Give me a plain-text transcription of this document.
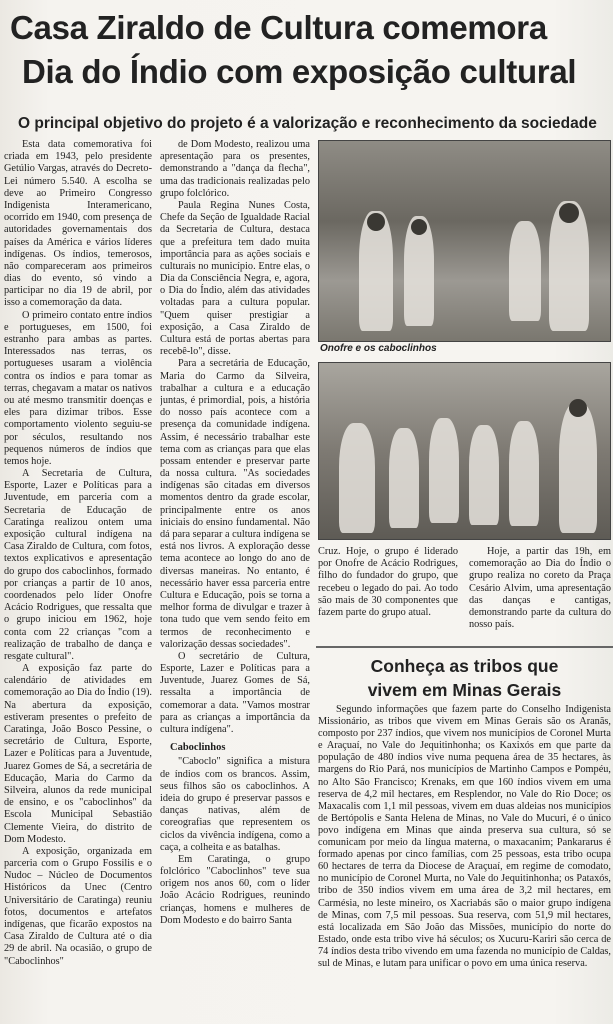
Casa Ziraldo de Cultura comemora
Dia do Índio com exposição cultural
O principal objetivo do projeto é a valorização e reconhecimento da sociedade

Esta data comemorativa foi criada em 1943, pelo presidente Getúlio Vargas, através do Decreto-Lei número 5.540. A escolha se deve ao Primeiro Congresso Indigenista Interamericano, ocorrido em 1940, com presença de autoridades governamentais dos países da América e vários líderes indígenas. Os índios, temerosos, não compareceram aos primeiros dias do evento, só vindo a participar no dia 19 de abril, por isso a comemoração da data.

O primeiro contato entre índios e portugueses, em 1500, foi estranho para ambas as partes. Interessados nas terras, os portugueses usaram a violência contra os índios e para tomar as terras, chegavam a matar os nativos ou até mesmo transmitir doenças e eles para dizimar tribos. Esse comportamento violento seguiu-se por séculos, resultando nos pequenos números de índios que temos hoje.

A Secretaria de Cultura, Esporte, Lazer e Políticas para a Juventude, em parceria com a Secretaria de Educação de Caratinga realizou ontem uma exposição cultural indígena na Casa Ziraldo de Cultura, com fotos, textos explicativos e apresentação do grupo dos caboclinhos, formado por crianças a partir de 10 anos, coordenados pelo líder Onofre Acácio Rodrigues, que ressalta que o grupo iniciou em 1962, hoje conta com 22 crianças "com a realização de trabalho de dança e resgate cultural".

A exposição faz parte do calendário de atividades em comemoração ao Dia do Índio (19). Na abertura da exposição, estiveram presentes o prefeito de Caratinga, João Bosco Pessine, o secretário de Cultura, Esporte, Lazer e Políticas para a Juventude, Juarez Gomes de Sá, a secretária de Educação, Maria do Carmo da Silveira, alunos da rede municipal de ensino, e os "caboclinhos" da Escola Municipal Sebastião Clemente Vieira, do distrito de Dom Modesto.

A exposição, organizada em parceria com o Grupo Fossilis e o Nudoc – Núcleo de Documentos Históricos da Unec (Centro Universitário de Caratinga) reuniu fotos, documentos e artefatos indígenas, que ficarão expostos na Casa Ziraldo de Cultura até o dia 29 de abril. Na ocasião, o grupo de "Caboclinhos"

de Dom Modesto, realizou uma apresentação para os presentes, demonstrando a "dança da flecha", uma das tradicionais realizadas pelo grupo folclórico.

Paula Regina Nunes Costa, Chefe da Seção de Igualdade Racial da Secretaria de Cultura, destaca que a prefeitura tem dado muita importância para as ações sociais e culturais no município. Entre elas, o Dia da Consciência Negra, e, agora, o Dia do Índio, além das atividades voltadas para a cultura popular. "Quem quiser prestigiar a exposição, a Casa Ziraldo de Cultura está de portas abertas para recebê-lo", disse.

Para a secretária de Educação, Maria do Carmo da Silveira, trabalhar a cultura e a educação juntas, é primordial, pois, a história do nosso país acontece com a presença da comunidade indígena. Assim, é necessário trabalhar este tema com as crianças para que elas possam entender e preservar parte da nossa cultura. "As sociedades indígenas são citadas em diversos momentos dentro da grade escolar, principalmente entre os anos iniciais do ensino fundamental. Não dá para separar a cultura indígena se está nos livros. A exploração desse tema acontece ao longo do ano de diversas maneiras. No entanto, é necessário haver essa parceria entre Cultura e Educação, pois se torna a melhor forma de divulgar e trazer à tona tudo que vem sendo feito em termos de reconhecimento e valorização dessas sociedades".

O secretário de Cultura, Esporte, Lazer e Políticas para a Juventude, Juarez Gomes de Sá, ressalta a importância de comemorar a data. "Vamos mostrar para as crianças a importância da cultura indígena".

Caboclinhos

"Caboclo" significa a mistura de índios com os brancos. Assim, seus filhos são os caboclinhos. A ideia do grupo é preservar passos e danças nativas, além de coreografias que representem os ciclos da vivência indígena, como a caça, a colheita e as batalhas.

Em Caratinga, o grupo folclórico "Caboclinhos" teve sua origem nos anos 60, com o líder João Acácio Rodrigues, reunindo crianças, homens e mulheres de Dom Modesto e do bairro Santa

Onofre e os caboclinhos

Cruz. Hoje, o grupo é liderado por Onofre de Acácio Rodrigues, filho do fundador do grupo, que recebeu o legado do pai. Ao todo são mais de 30 componentes que fazem parte do grupo atual.

Hoje, a partir das 19h, em comemoração ao Dia do Índio o grupo realiza no coreto da Praça Cesário Alvim, uma apresentação das danças e cantigas, demonstrando parte da cultura do nosso país.

Conheça as tribos que
vivem em Minas Gerais

Segundo informações que fazem parte do Conselho Indigenista Missionário, as tribos que vivem em Minas Gerais são os Aranãs, composto por 237 índios, que vivem nos municípios de Coronel Murta e Araçuaí, no Vale do Jequitinhonha; os Kaxixós em que parte da população de 480 índios vive numa pequena área de 35 hectares, às margens do Rio Pará, nos municípios de Martinho Campos e Pompéu, no Alto São Francisco; Krenaks, em que 160 índios vivem em uma reserva de 4,2 mil hectares, em Resplendor, no Vale do Rio Doce; os Maxacalis com 1,1 mil pessoas, vivem em duas aldeias nos municípios de Bertópolis e Santa Helena de Minas, no Vale do Mucuri, é o único povo indígena em Minas que ainda preserva sua cultura, só se comunicam por meio da língua materna, o maxacanim; Pankararus é formado apenas por cinco famílias, com 25 pessoas, esta tribo ocupa 60 hectares de terra da Diocese de Araçuaí, em regime de comodato, no município de Coronel Murta, no Vale do Jequitinhonha; os Pataxós, tribo de 350 índios vivem em uma área de 3,2 mil hectares, em Carmésia, no leste mineiro, os Xacriabás são o maior grupo indígena de Minas, com 7,5 mil pessoas. Sua reserva, com 51,9 mil hectares, está localizada em São João das Missões, município do norte do Estado, onde esta tribo vive há séculos; os Xucuru-Kariri são cerca de 74 índios desta tribo vivendo em uma fazenda no município de Caldas, sul de Minas, e lutam para unificar o povo em uma única reserva.
